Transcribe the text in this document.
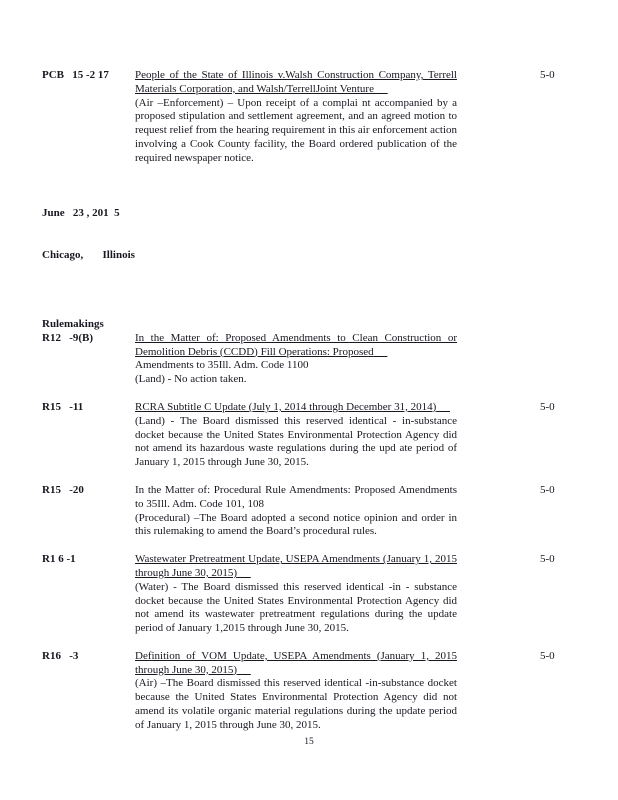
PCB   15 -2 17	People of the State of Illinois v.Walsh Construction Company, Terrell Materials Corporation, and Walsh/TerrellJoint Venture
(Air –Enforcement) – Upon receipt of a complai nt accompanied by a proposed stipulation and settlement agreement, and an agreed motion to request relief from the hearing requirement in this air enforcement action involving a Cook County facility, the Board ordered publication of the required newspaper notice.
5-0

June   23 , 201  5

Chicago,       Illinois

Rulemakings
R12   -9(B)	In the Matter of: Proposed Amendments to Clean Construction or Demolition Debris (CCDD) Fill Operations: Proposed
Amendments to 35Ill. Adm. Code 1100
(Land) - No action taken.
R15   -11	RCRA Subtitle C Update (July 1, 2014 through December 31, 2014)
(Land) - The Board dismissed this reserved identical - in-substance docket because the United States Environmental Protection Agency did not amend its hazardous waste regulations during the upd ate period of January 1, 2015 through June 30, 2015.
5-0
R15   -20	In the Matter of: Procedural Rule Amendments: Proposed Amendments to 35Ill. Adm. Code 101, 108
(Procedural) –The Board adopted a second notice opinion and order in this rulemaking to amend the Board’s procedural rules.
5-0
R1 6 -1	Wastewater Pretreatment Update, USEPA Amendments (January 1, 2015 through June 30, 2015)
(Water) - The Board dismissed this reserved identical -in - substance docket because the United States Environmental Protection Agency did not amend its wastewater pretreatment regulations during the update period of January 1,2015 through June 30, 2015.
5-0
R16   -3	Definition of VOM Update, USEPA Amendments (January 1, 2015 through June 30, 2015)
(Air) –The Board dismissed this reserved identical -in-substance docket because the United States Environmental Protection Agency did not amend its volatile organic material regulations during the update period of January 1, 2015 through June 30, 2015.
5-0
15
